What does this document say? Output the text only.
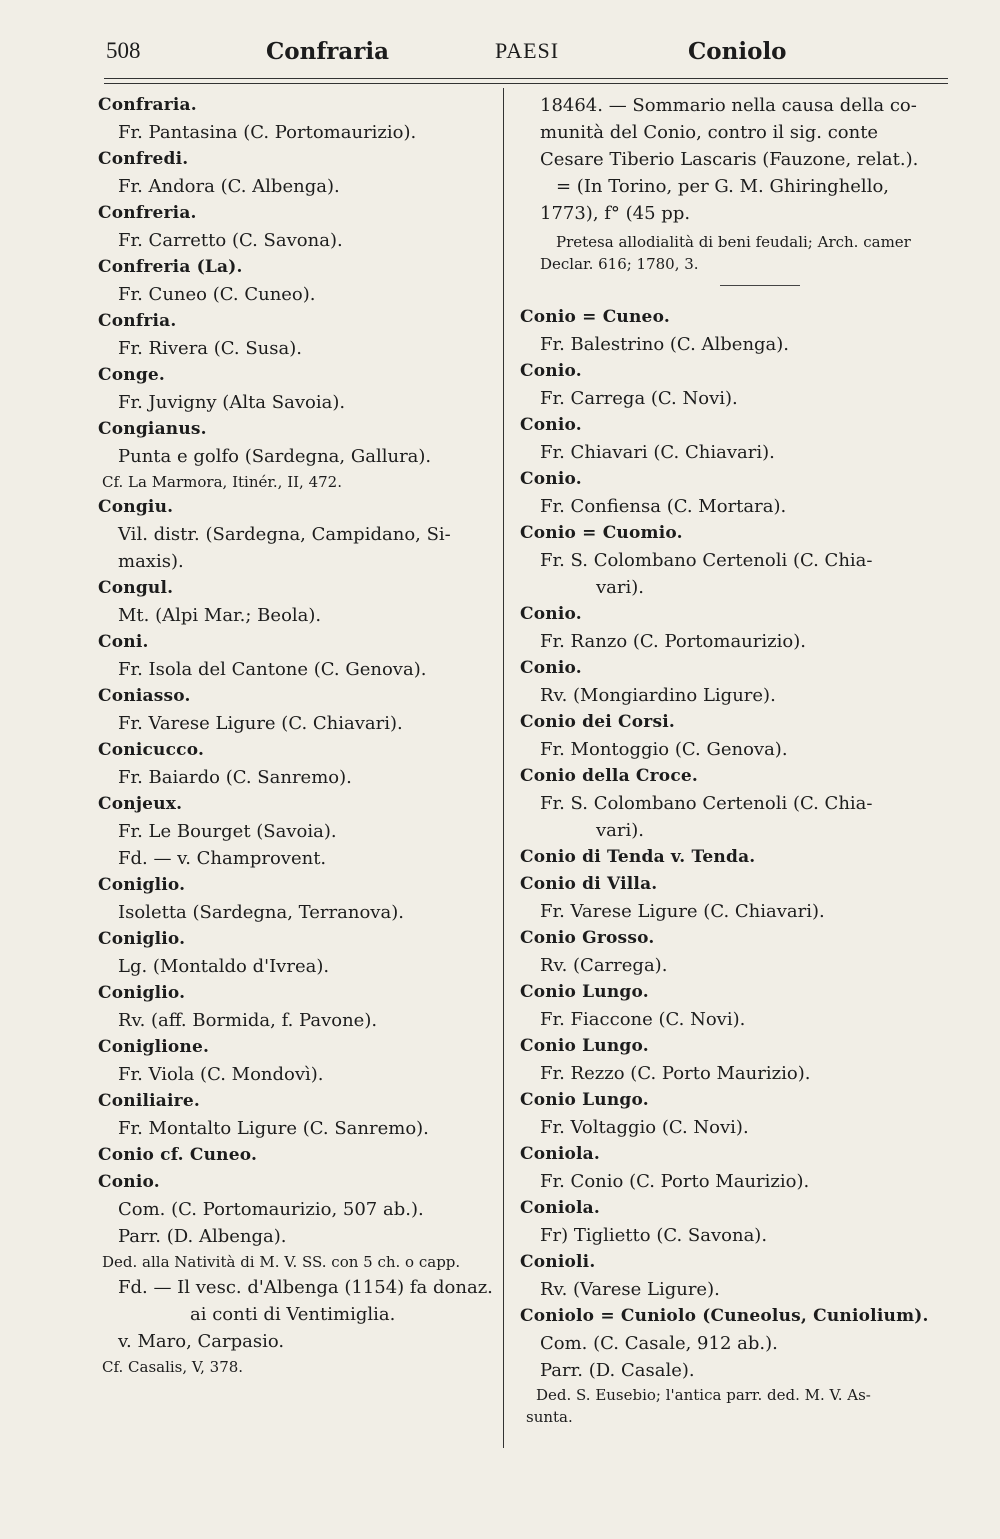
508	Confraria	PAESI	Coniolo
Confraria.
Fr. Pantasina (C. Portomaurizio).
Confredi.
Fr. Andora (C. Albenga).
Confreria.
Fr. Carretto (C. Savona).
Confreria (La).
Fr. Cuneo (C. Cuneo).
Confria.
Fr. Rivera (C. Susa).
Conge.
Fr. Juvigny (Alta Savoia).
Congianus.
Punta e golfo (Sardegna, Gallura).
Cf. La Marmora, Itinér., II, 472.
Congiu.
Vil. distr. (Sardegna, Campidano, Si-
maxis).
Congul.
Mt. (Alpi Mar.; Beola).
Coni.
Fr. Isola del Cantone (C. Genova).
Coniasso.
Fr. Varese Ligure (C. Chiavari).
Conicucco.
Fr. Baiardo (C. Sanremo).
Conjeux.
Fr. Le Bourget (Savoia).
Fd. — v. Champrovent.
Coniglio.
Isoletta (Sardegna, Terranova).
Coniglio.
Lg. (Montaldo d'Ivrea).
Coniglio.
Rv. (aff. Bormida, f. Pavone).
Coniglione.
Fr. Viola (C. Mondovì).
Coniliaire.
Fr. Montalto Ligure (C. Sanremo).
Conio cf. Cuneo.
Conio.
Com. (C. Portomaurizio, 507 ab.).
Parr. (D. Albenga).
Ded. alla Natività di M. V. SS. con 5 ch. o capp.
Fd. — Il vesc. d'Albenga (1154) fa donaz.
ai conti di Ventimiglia.
v. Maro, Carpasio.
Cf. Casalis, V, 378.
18464. — Sommario nella causa della co-
munità del Conio, contro il sig. conte
Cesare Tiberio Lascaris (Fauzone, relat.).
= (In Torino, per G. M. Ghiringhello,
1773), f° (45 pp.
Pretesa allodialità di beni feudali; Arch. camer
Declar. 616; 1780, 3.
Conio = Cuneo.
Fr. Balestrino (C. Albenga).
Conio.
Fr. Carrega (C. Novi).
Conio.
Fr. Chiavari (C. Chiavari).
Conio.
Fr. Confiensa (C. Mortara).
Conio = Cuomio.
Fr. S. Colombano Certenoli (C. Chia-
vari).
Conio.
Fr. Ranzo (C. Portomaurizio).
Conio.
Rv. (Mongiardino Ligure).
Conio dei Corsi.
Fr. Montoggio (C. Genova).
Conio della Croce.
Fr. S. Colombano Certenoli (C. Chia-
vari).
Conio di Tenda v. Tenda.
Conio di Villa.
Fr. Varese Ligure (C. Chiavari).
Conio Grosso.
Rv. (Carrega).
Conio Lungo.
Fr. Fiaccone (C. Novi).
Conio Lungo.
Fr. Rezzo (C. Porto Maurizio).
Conio Lungo.
Fr. Voltaggio (C. Novi).
Coniola.
Fr. Conio (C. Porto Maurizio).
Coniola.
Fr) Tiglietto (C. Savona).
Conioli.
Rv. (Varese Ligure).
Coniolo = Cuniolo (Cuneolus, Cuniolium).
Com. (C. Casale, 912 ab.).
Parr. (D. Casale).
Ded. S. Eusebio; l'antica parr. ded. M. V. As-
sunta.
